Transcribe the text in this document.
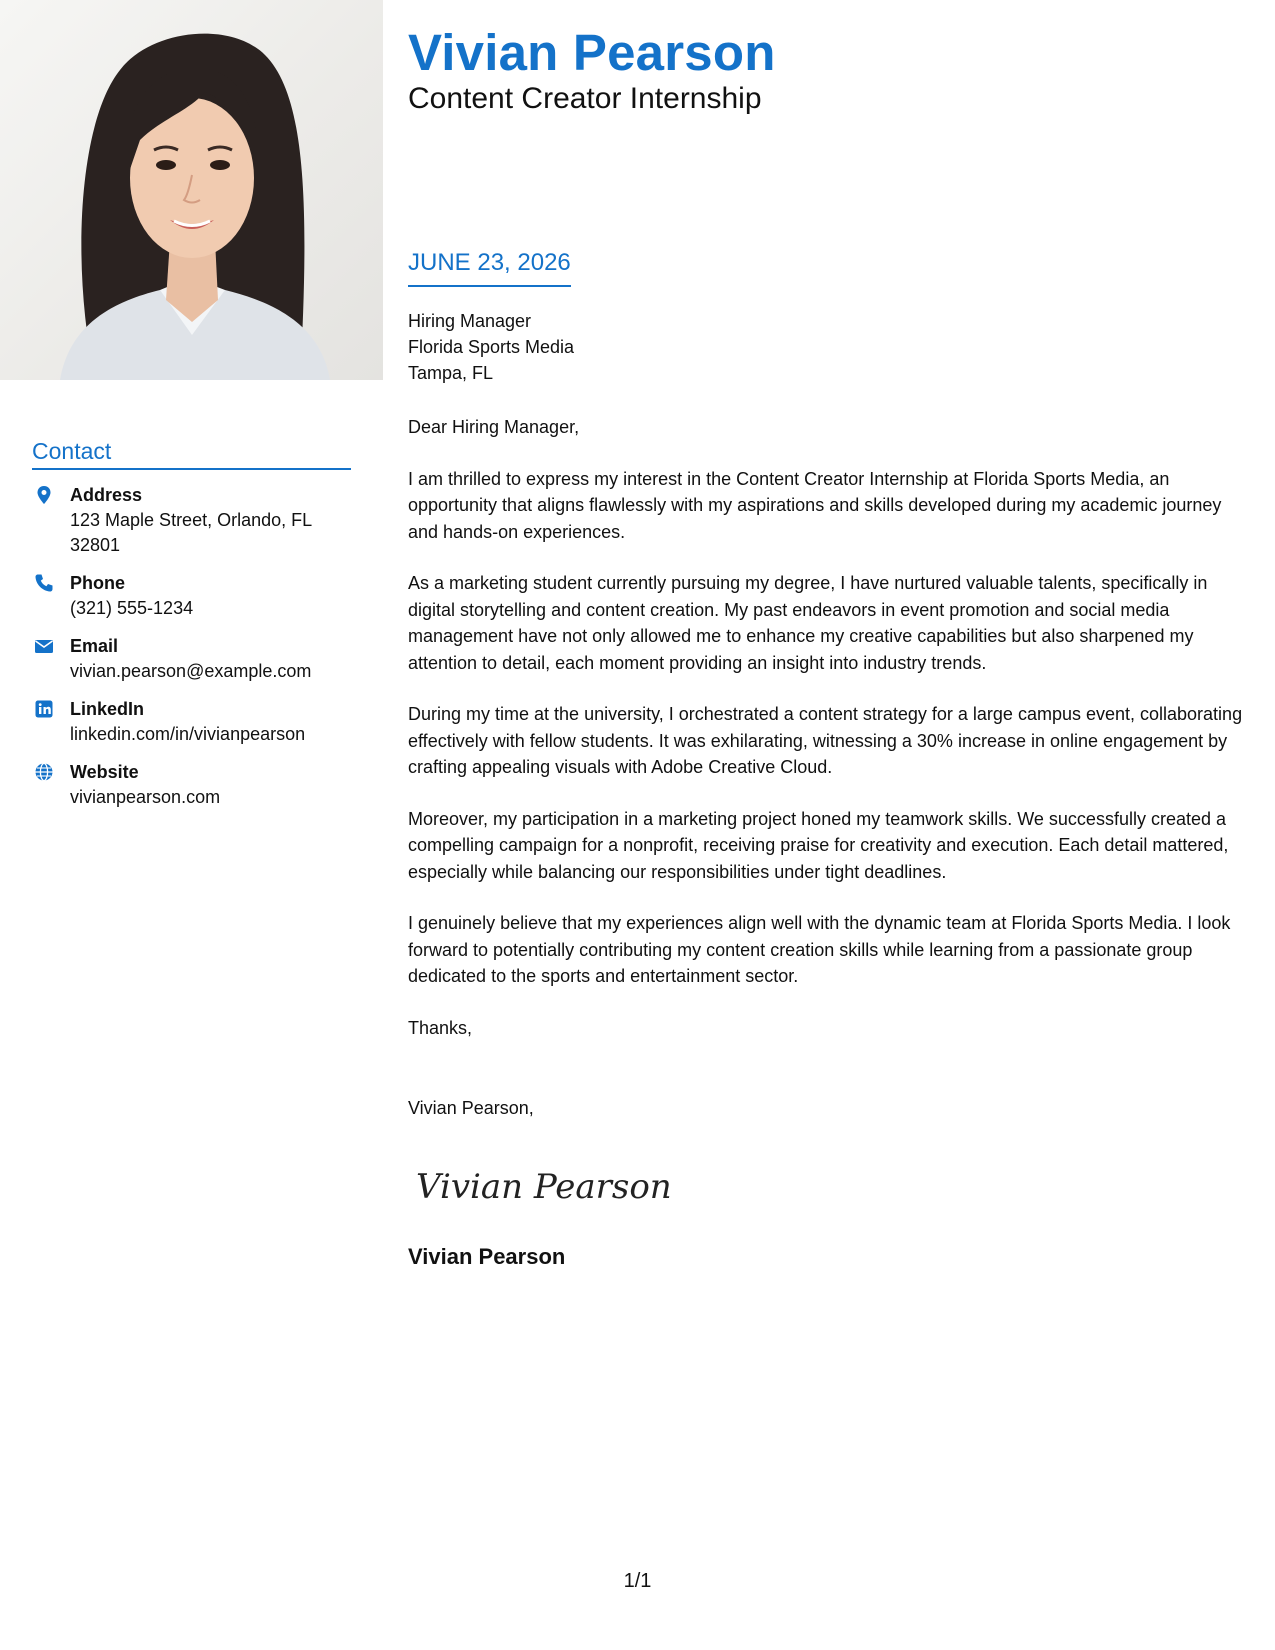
Contact
Address
123 Maple Street, Orlando, FL 32801
Phone
(321) 555-1234
Email
vivian.pearson@example.com
LinkedIn
linkedin.com/in/vivianpearson
Website
vivianpearson.com
Vivian Pearson
Content Creator Internship
JUNE 23, 2026
Hiring Manager
Florida Sports Media
Tampa, FL
Dear Hiring Manager,
I am thrilled to express my interest in the Content Creator Internship at Florida Sports Media, an opportunity that aligns flawlessly with my aspirations and skills developed during my academic journey and hands-on experiences.
As a marketing student currently pursuing my degree, I have nurtured valuable talents, specifically in digital storytelling and content creation. My past endeavors in event promotion and social media management have not only allowed me to enhance my creative capabilities but also sharpened my attention to detail, each moment providing an insight into industry trends.
During my time at the university, I orchestrated a content strategy for a large campus event, collaborating effectively with fellow students. It was exhilarating, witnessing a 30% increase in online engagement by crafting appealing visuals with Adobe Creative Cloud.
Moreover, my participation in a marketing project honed my teamwork skills. We successfully created a compelling campaign for a nonprofit, receiving praise for creativity and execution. Each detail mattered, especially while balancing our responsibilities under tight deadlines.
I genuinely believe that my experiences align well with the dynamic team at Florida Sports Media. I look forward to potentially contributing my content creation skills while learning from a passionate group dedicated to the sports and entertainment sector.
Thanks,
Vivian Pearson,
Vivian Pearson
Vivian Pearson
1/1
